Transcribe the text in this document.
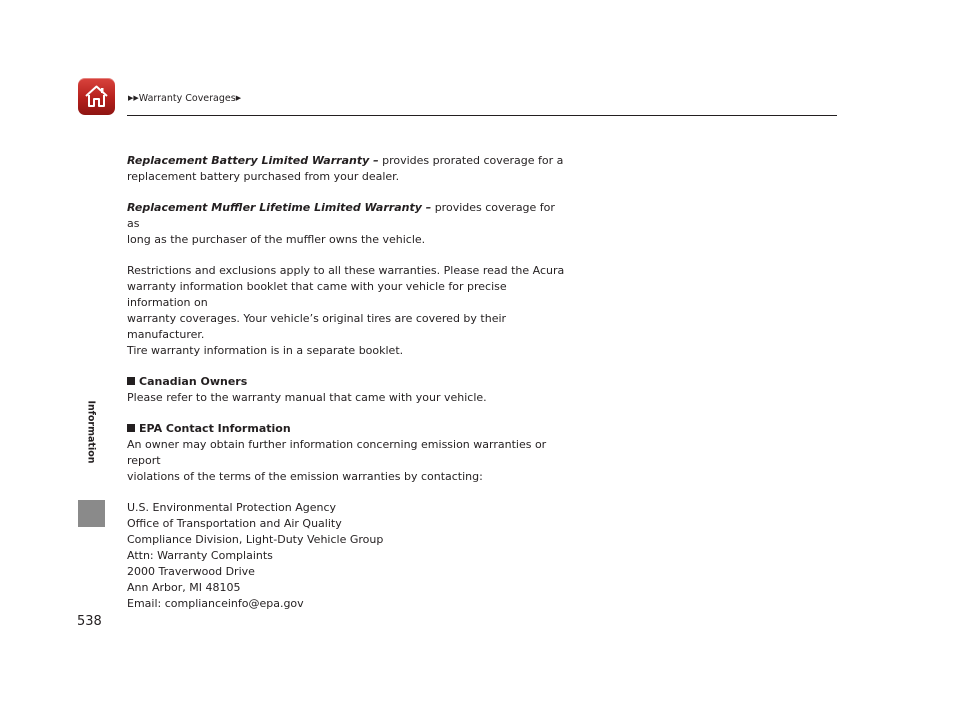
▶▶Warranty Coverages▶

Replacement Battery Limited Warranty – provides prorated coverage for a
replacement battery purchased from your dealer.

Replacement Muffler Lifetime Limited Warranty – provides coverage for as
long as the purchaser of the muffler owns the vehicle.

Restrictions and exclusions apply to all these warranties. Please read the Acura
warranty information booklet that came with your vehicle for precise information on
warranty coverages. Your vehicle’s original tires are covered by their manufacturer.
Tire warranty information is in a separate booklet.

Canadian Owners

Please refer to the warranty manual that came with your vehicle.

EPA Contact Information

An owner may obtain further information concerning emission warranties or report
violations of the terms of the emission warranties by contacting:

U.S. Environmental Protection Agency
Office of Transportation and Air Quality
Compliance Division, Light-Duty Vehicle Group
Attn: Warranty Complaints
2000 Traverwood Drive
Ann Arbor, MI 48105
Email: complianceinfo@epa.gov

Information
538
